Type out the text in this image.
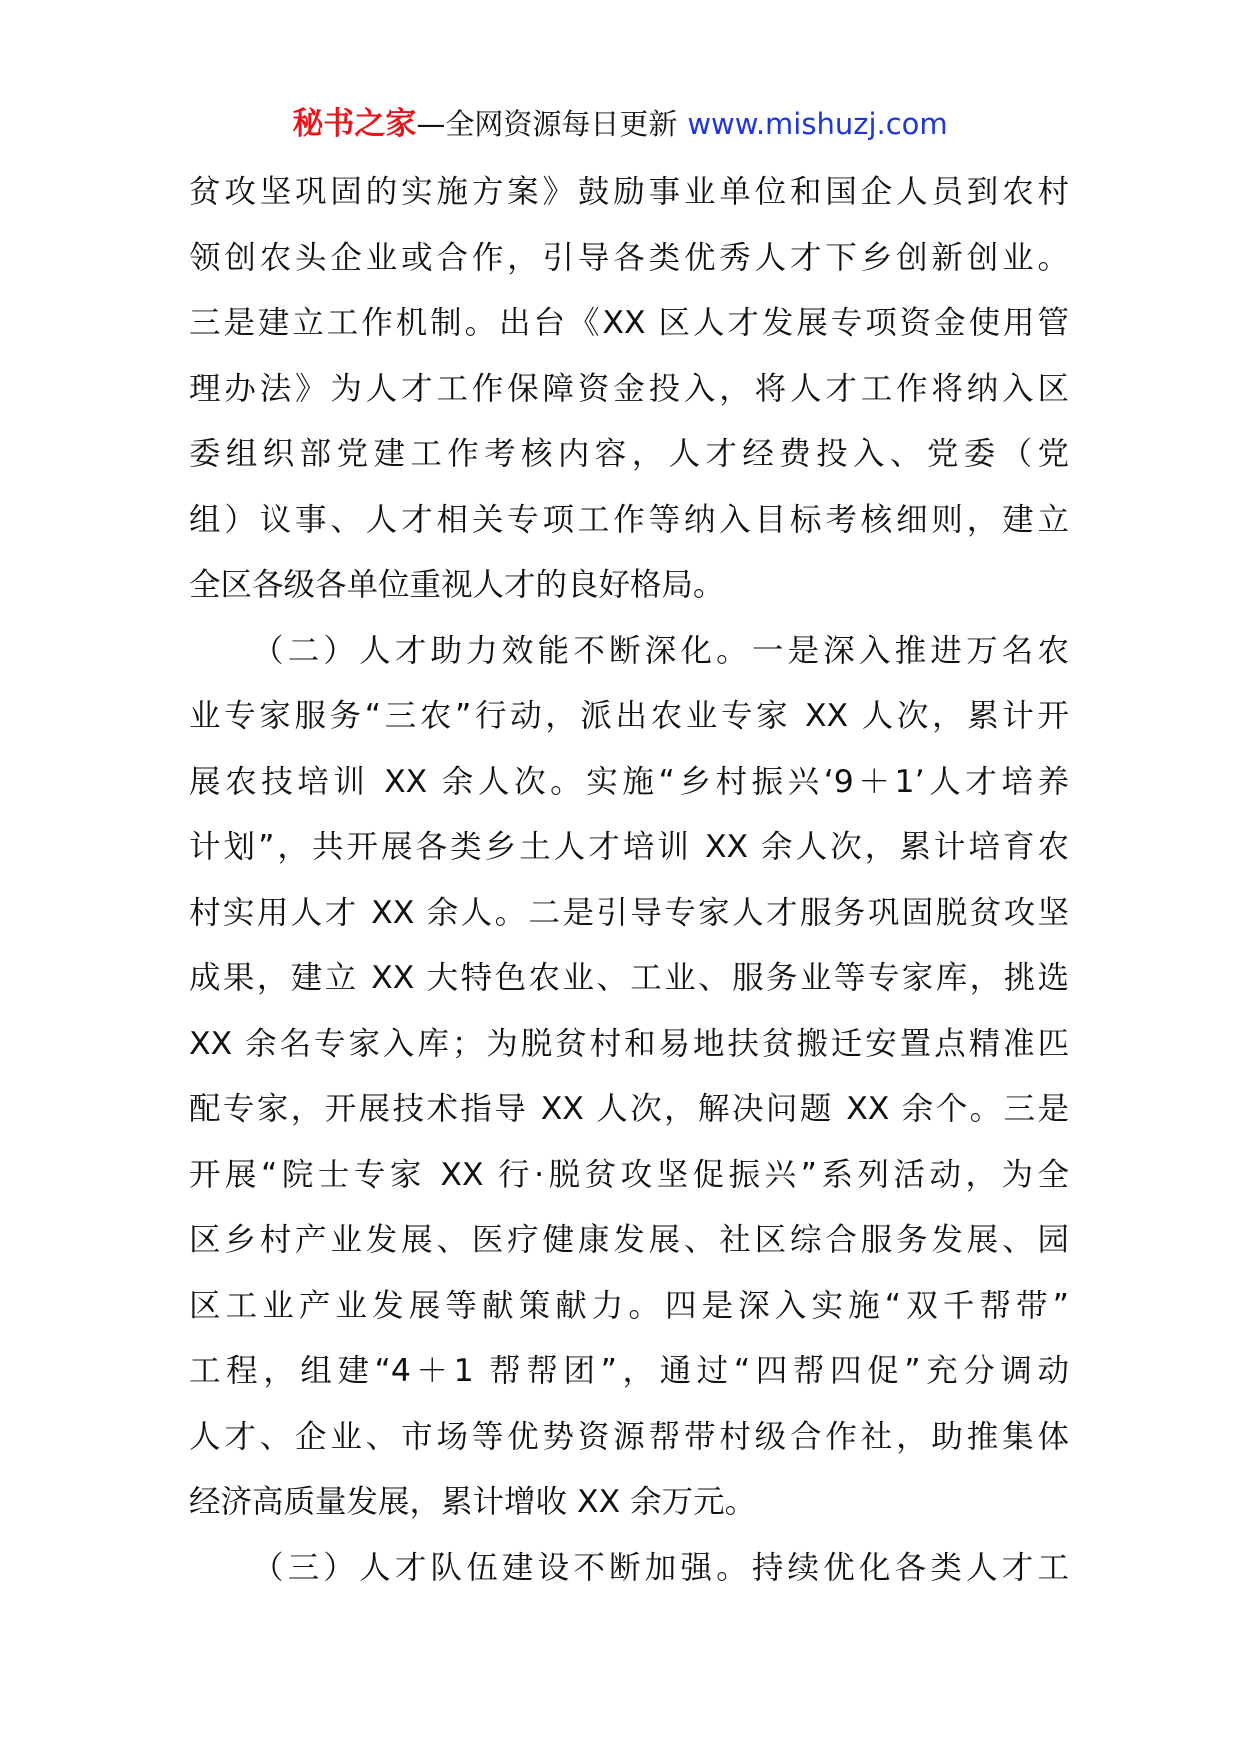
秘书之家—全网资源每日更新 www.mishuzj.com
贫攻坚巩固的实施方案》鼓励事业单位和国企人员到农村
领创农头企业或合作，引导各类优秀人才下乡创新创业。
三是建立工作机制。出台《XX 区人才发展专项资金使用管
理办法》为人才工作保障资金投入，将人才工作将纳入区
委组织部党建工作考核内容，人才经费投入、党委（党
组）议事、人才相关专项工作等纳入目标考核细则，建立
全区各级各单位重视人才的良好格局。
（二）人才助力效能不断深化。一是深入推进万名农
业专家服务“三农”行动，派出农业专家 XX 人次，累计开
展农技培训 XX 余人次。实施“乡村振兴‘9＋1’人才培养
计划”，共开展各类乡土人才培训 XX 余人次，累计培育农
村实用人才 XX 余人。二是引导专家人才服务巩固脱贫攻坚
成果，建立 XX 大特色农业、工业、服务业等专家库，挑选
XX 余名专家入库；为脱贫村和易地扶贫搬迁安置点精准匹
配专家，开展技术指导 XX 人次，解决问题 XX 余个。三是
开展“院士专家 XX 行·脱贫攻坚促振兴”系列活动，为全
区乡村产业发展、医疗健康发展、社区综合服务发展、园
区工业产业发展等献策献力。四是深入实施“双千帮带”
工程，组建“4＋1 帮帮团”，通过“四帮四促”充分调动
人才、企业、市场等优势资源帮带村级合作社，助推集体
经济高质量发展，累计增收 XX 余万元。
（三）人才队伍建设不断加强。持续优化各类人才工
